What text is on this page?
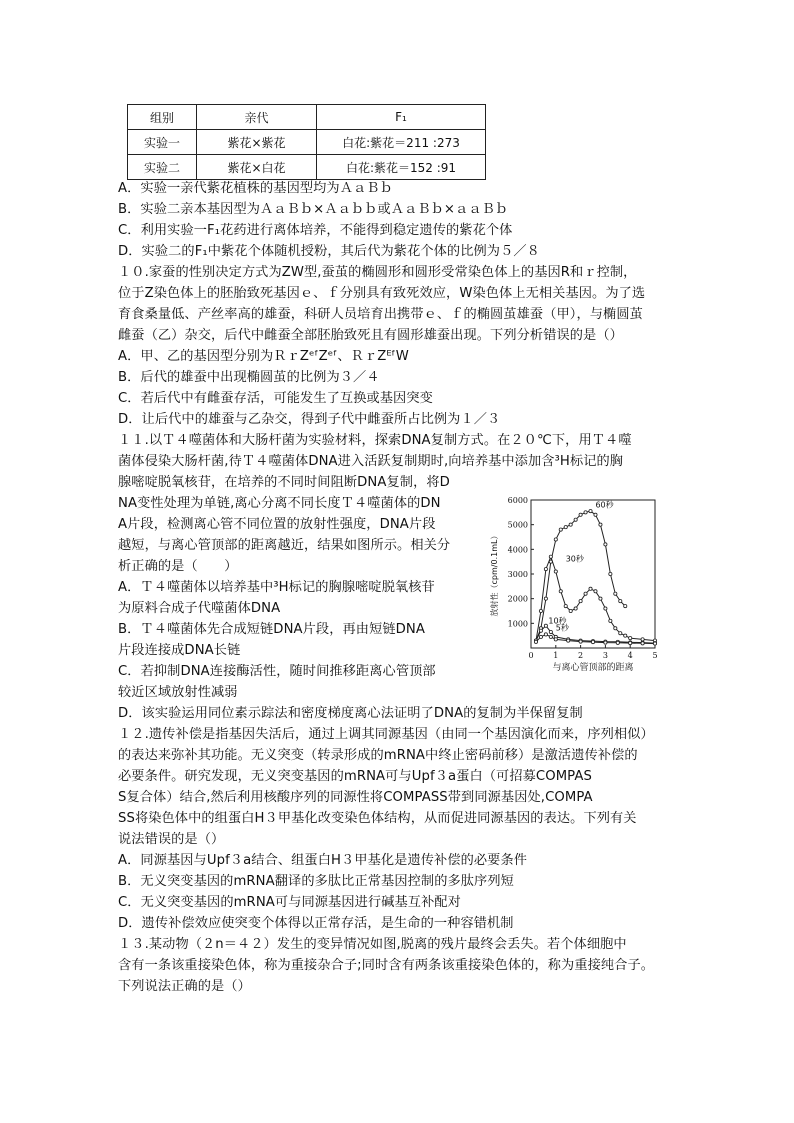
组别	亲代	F₁
实验一	紫花×紫花	白花:紫花＝211 :273
实验二	紫花×白花	白花:紫花＝152 :91
A．实验一亲代紫花植株的基因型均为ＡａＢｂ
B．实验二亲本基因型为ＡａＢｂ×Ａａｂｂ或ＡａＢｂ×ａａＢｂ
C．利用实验一F₁花药进行离体培养，不能得到稳定遗传的紫花个体
D．实验二的F₁中紫花个体随机授粉，其后代为紫花个体的比例为５／８
１０.家蚕的性别决定方式为ZW型,蚕茧的椭圆形和圆形受常染色体上的基因R和ｒ控制，
位于Z染色体上的胚胎致死基因ｅ、ｆ分别具有致死效应，W染色体上无相关基因。为了选
育食桑量低、产丝率高的雄蚕，科研人员培育出携带ｅ、ｆ的椭圆茧雄蚕（甲），与椭圆茧
雌蚕（乙）杂交，后代中雌蚕全部胚胎致死且有圆形雄蚕出现。下列分析错误的是（）
A．甲、乙的基因型分别为ＲｒZᵉᶠZᵉᶠ、ＲｒZᴱᶠW
B．后代的雄蚕中出现椭圆茧的比例为３／４
C．若后代中有雌蚕存活，可能发生了互换或基因突变
D．让后代中的雄蚕与乙杂交，得到子代中雌蚕所占比例为１／３
１１.以Ｔ４噬菌体和大肠杆菌为实验材料，探索DNA复制方式。在２０℃下，用Ｔ４噬
菌体侵染大肠杆菌,待Ｔ４噬菌体DNA进入活跃复制期时,向培养基中添加含³H标记的胸
腺嘧啶脱氧核苷，在培养的不同时间阻断DNA复制，将D
NA变性处理为单链,离心分离不同长度Ｔ４噬菌体的DN
A片段，检测离心管不同位置的放射性强度，DNA片段
越短，与离心管顶部的距离越近，结果如图所示。相关分
析正确的是（　　）
A．Ｔ４噬菌体以培养基中³H标记的胸腺嘧啶脱氧核苷
为原料合成子代噬菌体DNA
B．Ｔ４噬菌体先合成短链DNA片段，再由短链DNA
片段连接成DNA长链
C．若抑制DNA连接酶活性，随时间推移距离心管顶部
较近区域放射性减弱
D．该实验运用同位素示踪法和密度梯度离心法证明了DNA的复制为半保留复制
1000
2000
3000
4000
5000
6000
0 1 2 3 4 5
与离心管顶部的距离
放射性（cpm/0.1mL）
60秒
30秒
10秒
5秒
１２.遗传补偿是指基因失活后，通过上调其同源基因（由同一个基因演化而来，序列相似）
的表达来弥补其功能。无义突变（转录形成的mRNA中终止密码前移）是激活遗传补偿的
必要条件。研究发现，无义突变基因的mRNA可与Upf３a蛋白（可招募COMPAS
S复合体）结合,然后利用核酸序列的同源性将COMPASS带到同源基因处,COMPA
SS将染色体中的组蛋白H３甲基化改变染色体结构，从而促进同源基因的表达。下列有关
说法错误的是（）
A．同源基因与Upf３a结合、组蛋白H３甲基化是遗传补偿的必要条件
B．无义突变基因的mRNA翻译的多肽比正常基因控制的多肽序列短
C．无义突变基因的mRNA可与同源基因进行碱基互补配对
D．遗传补偿效应使突变个体得以正常存活，是生命的一种容错机制
１３.某动物（２n＝４２）发生的变异情况如图,脱离的残片最终会丢失。若个体细胞中
含有一条该重接染色体，称为重接杂合子;同时含有两条该重接染色体的，称为重接纯合子。
下列说法正确的是（）
